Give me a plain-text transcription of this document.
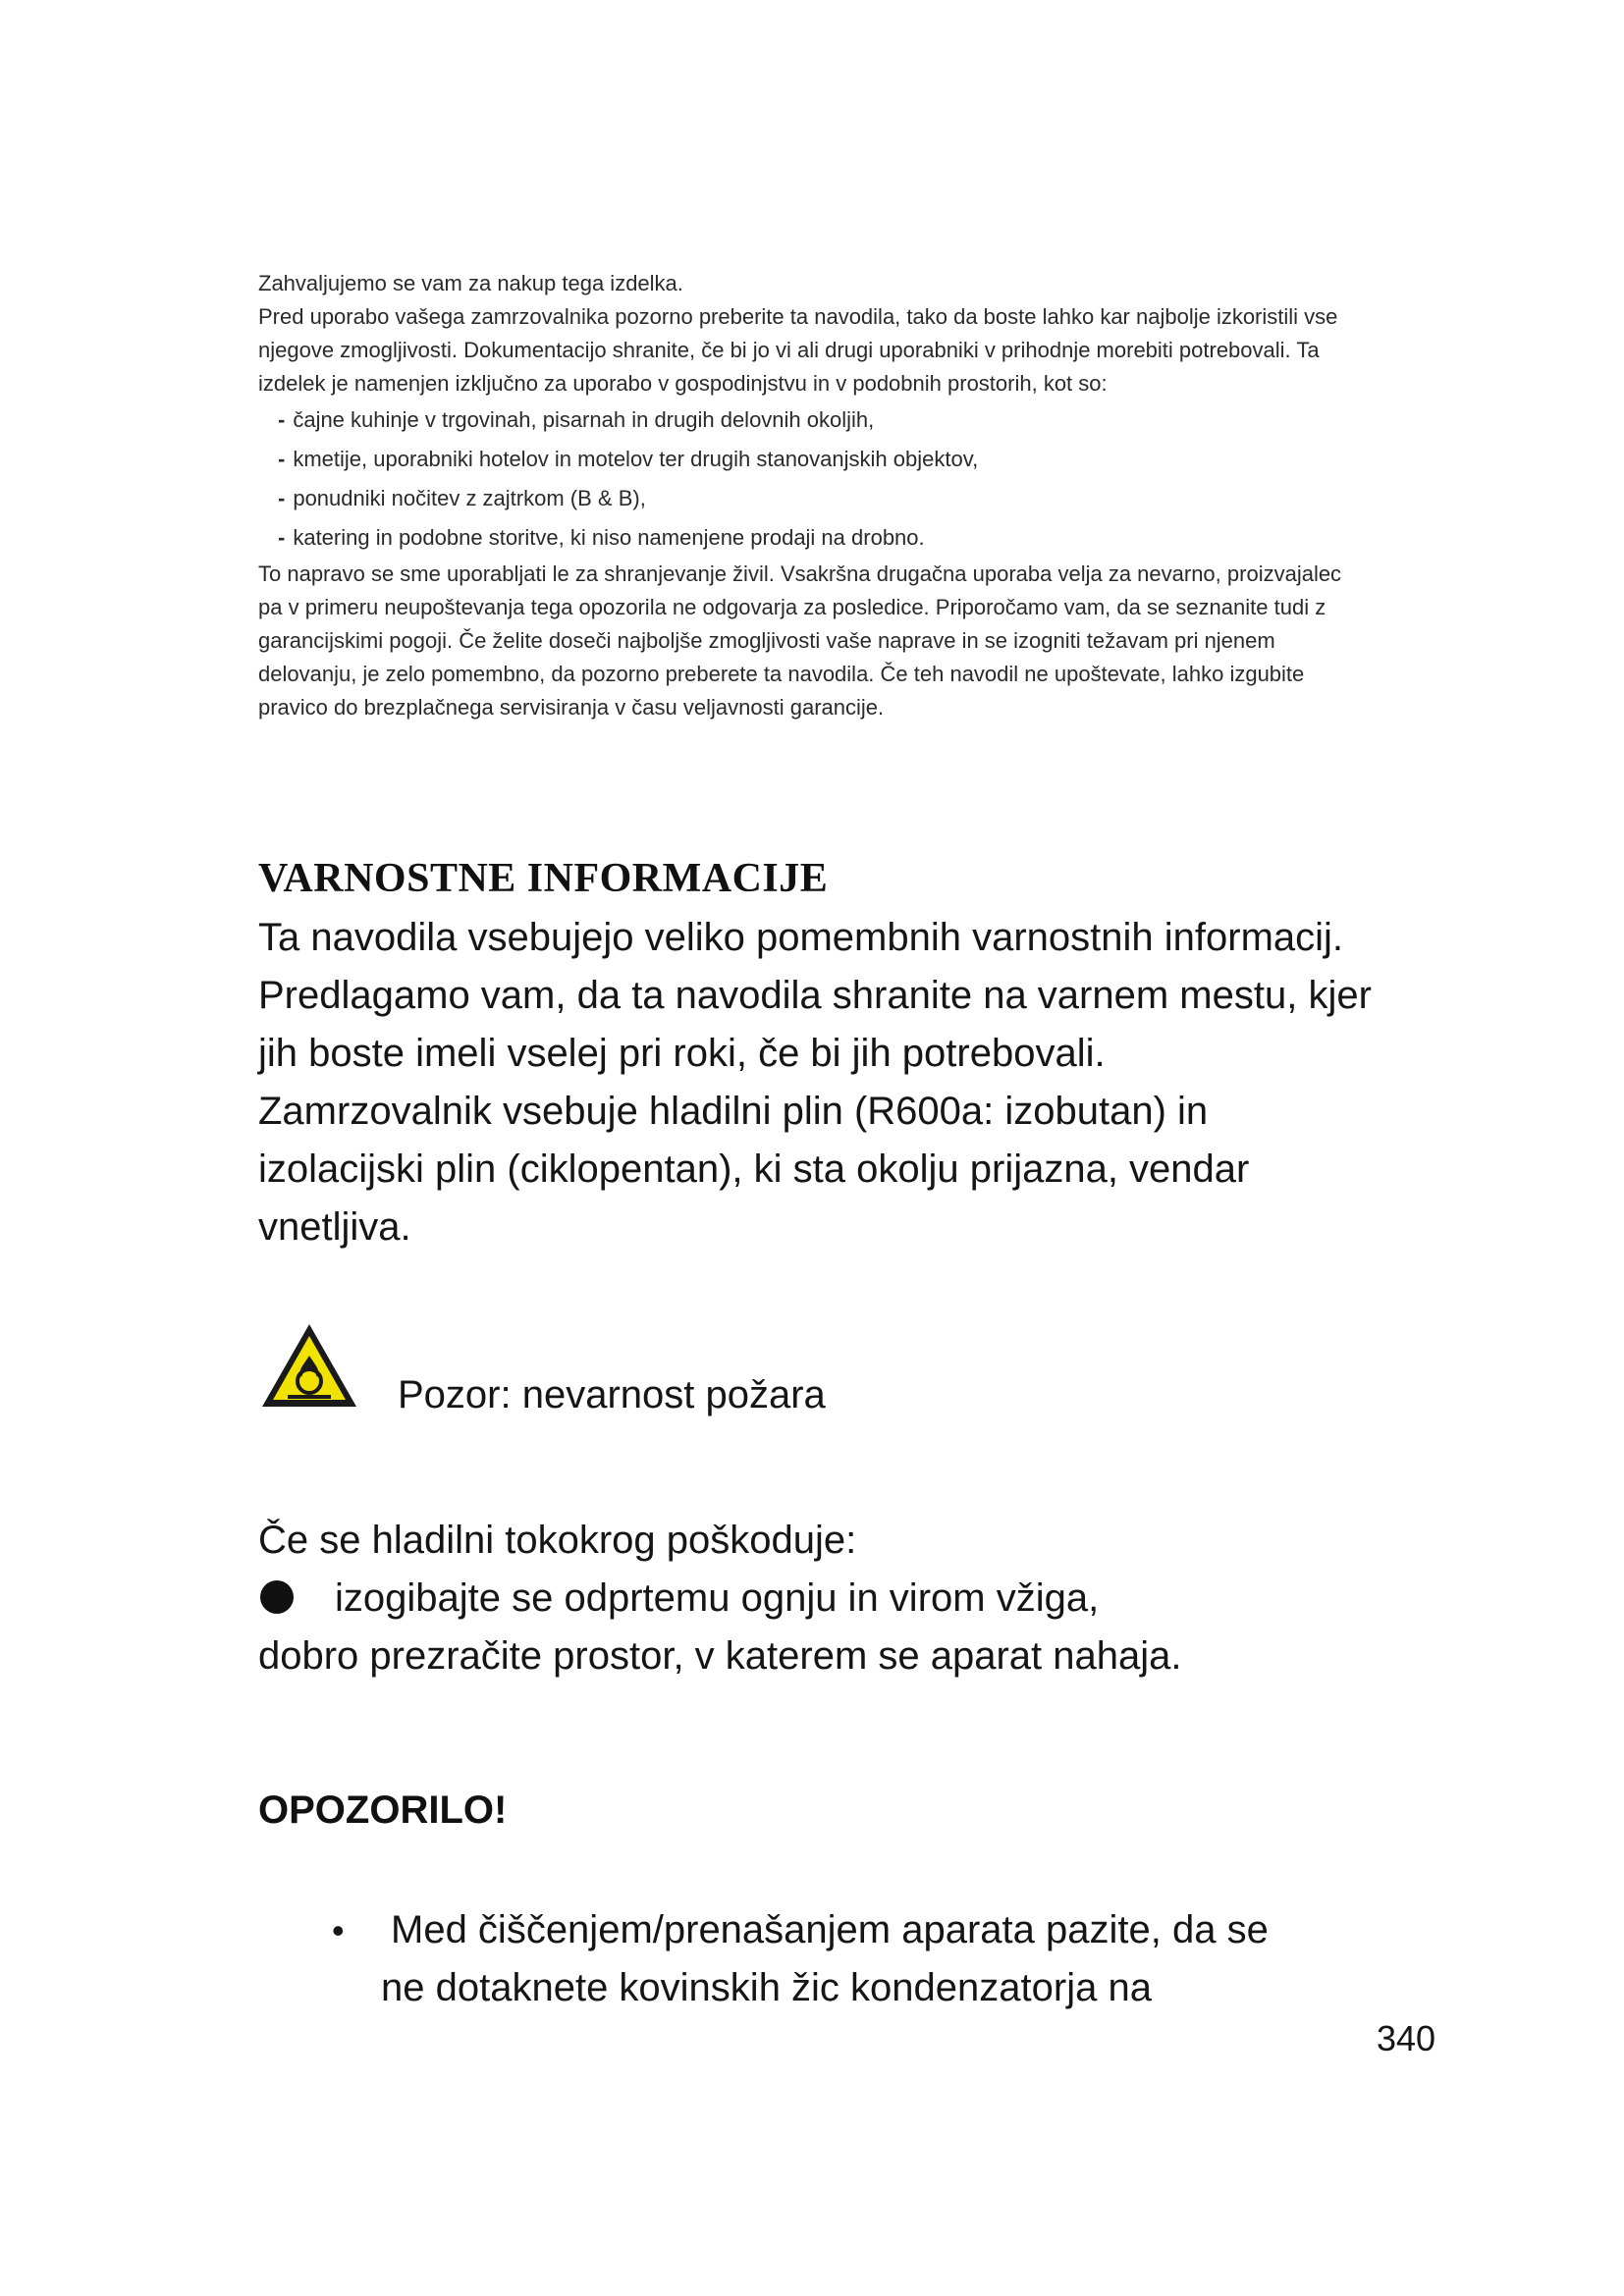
Zahvaljujemo se vam za nakup tega izdelka.

Pred uporabo vašega zamrzovalnika pozorno preberite ta navodila, tako da boste lahko kar najbolje izkoristili vse njegove zmogljivosti. Dokumentacijo shranite, če bi jo vi ali drugi uporabniki v prihodnje morebiti potrebovali. Ta izdelek je namenjen izključno za uporabo v gospodinjstvu in v podobnih prostorih, kot so:

- čajne kuhinje v trgovinah, pisarnah in drugih delovnih okoljih,
- kmetije, uporabniki hotelov in motelov ter drugih stanovanjskih objektov,
- ponudniki nočitev z zajtrkom (B & B),
- katering in podobne storitve, ki niso namenjene prodaji na drobno.

To napravo se sme uporabljati le za shranjevanje živil. Vsakršna drugačna uporaba velja za nevarno, proizvajalec pa v primeru neupoštevanja tega opozorila ne odgovarja za posledice. Priporočamo vam, da se seznanite tudi z garancijskimi pogoji. Če želite doseči najboljše zmogljivosti vaše naprave in se izogniti težavam pri njenem delovanju, je zelo pomembno, da pozorno preberete ta navodila. Če teh navodil ne upoštevate, lahko izgubite pravico do brezplačnega servisiranja v času veljavnosti garancije.

VARNOSTNE INFORMACIJE

Ta navodila vsebujejo veliko pomembnih varnostnih informacij. Predlagamo vam, da ta navodila shranite na varnem mestu, kjer jih boste imeli vselej pri roki, če bi jih potrebovali.

Zamrzovalnik vsebuje hladilni plin (R600a: izobutan) in izolacijski plin (ciklopentan), ki sta okolju prijazna, vendar vnetljiva.

Pozor: nevarnost požara

Če se hladilni tokokrog poškoduje:

izogibajte se odprtemu ognju in virom vžiga,

dobro prezračite prostor, v katerem se aparat nahaja.

OPOZORILO!

•	Med čiščenjem/prenašanjem aparata pazite, da se
ne dotaknete kovinskih žic kondenzatorja na

340
